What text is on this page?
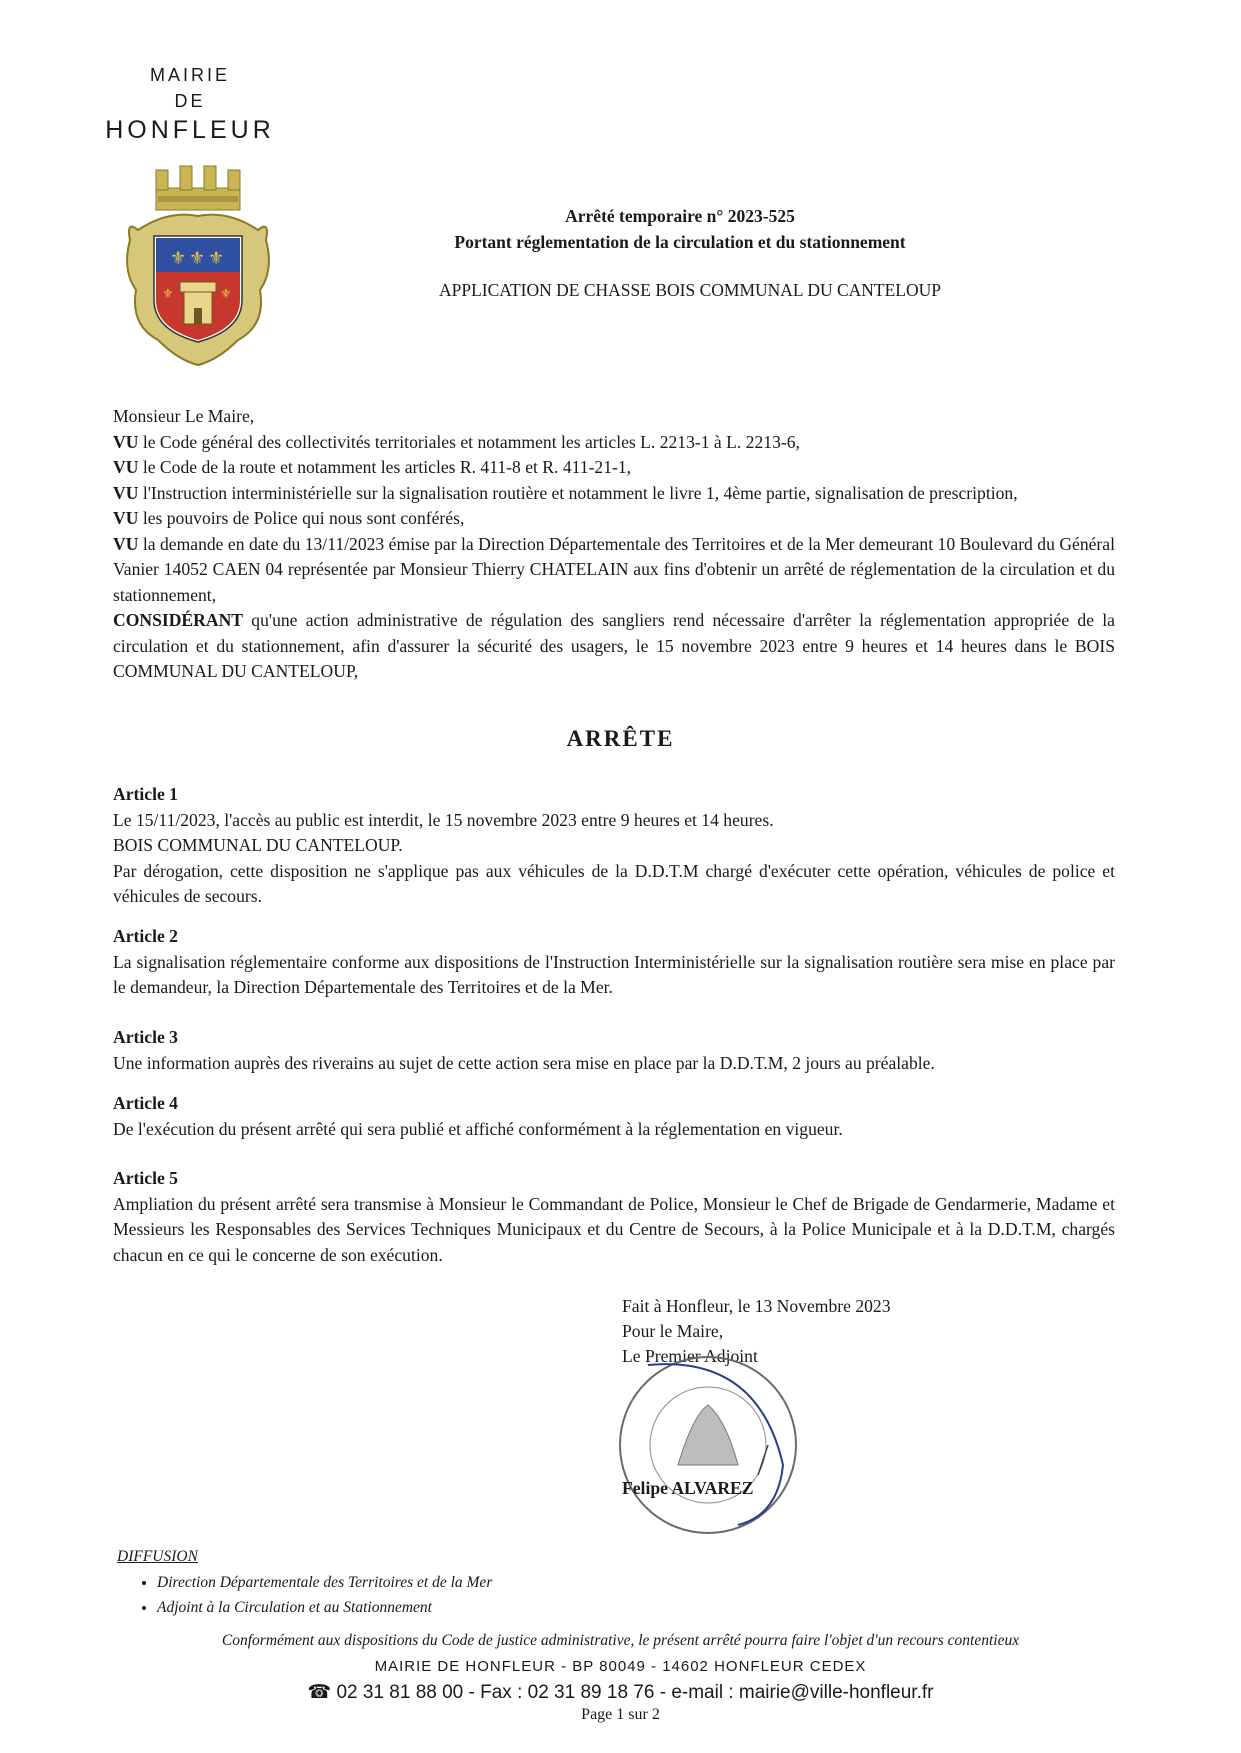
MAIRIE
DE
HONFLEUR
⚜ ⚜ ⚜
⚜	⚜
Arrêté temporaire n° 2023-525
Portant réglementation de la circulation et du stationnement
APPLICATION DE CHASSE BOIS COMMUNAL DU CANTELOUP

Monsieur Le Maire,

VU le Code général des collectivités territoriales et notamment les articles L. 2213-1 à L. 2213-6,

VU le Code de la route et notamment les articles R. 411-8 et R. 411-21-1,

VU l'Instruction interministérielle sur la signalisation routière et notamment le livre 1, 4ème partie, signalisation de prescription,

VU les pouvoirs de Police qui nous sont conférés,

VU la demande en date du 13/11/2023 émise par la Direction Départementale des Territoires et de la Mer demeurant 10 Boulevard du Général Vanier 14052 CAEN 04 représentée par Monsieur Thierry CHATELAIN aux fins d'obtenir un arrêté de réglementation de la circulation et du stationnement,

CONSIDÉRANT qu'une action administrative de régulation des sangliers rend nécessaire d'arrêter la réglementation appropriée de la circulation et du stationnement, afin d'assurer la sécurité des usagers, le 15 novembre 2023 entre 9 heures et 14 heures dans le BOIS COMMUNAL DU CANTELOUP,

ARRÊTE

Article 1

Le 15/11/2023, l'accès au public est interdit, le 15 novembre 2023 entre 9 heures et 14 heures.

BOIS COMMUNAL DU CANTELOUP.

Par dérogation, cette disposition ne s'applique pas aux véhicules de la D.D.T.M chargé d'exécuter cette opération, véhicules de police et véhicules de secours.

Article 2

La signalisation réglementaire conforme aux dispositions de l'Instruction Interministérielle sur la signalisation routière sera mise en place par le demandeur, la Direction Départementale des Territoires et de la Mer.

Article 3

Une information auprès des riverains au sujet de cette action sera mise en place par la D.D.T.M, 2 jours au préalable.

Article 4

De l'exécution du présent arrêté qui sera publié et affiché conformément à la réglementation en vigueur.

Article 5

Ampliation du présent arrêté sera transmise à Monsieur le Commandant de Police, Monsieur le Chef de Brigade de Gendarmerie, Madame et Messieurs les Responsables des Services Techniques Municipaux et du Centre de Secours, à la Police Municipale et à la D.D.T.M, chargés chacun en ce qui le concerne de son exécution.

Fait à Honfleur, le 13 Novembre 2023
Pour le Maire,
Le Premier Adjoint
Felipe ALVAREZ
DIFFUSION
• Direction Départementale des Territoires et de la Mer
• Adjoint à la Circulation et au Stationnement
Conformément aux dispositions du Code de justice administrative, le présent arrêté pourra faire l'objet d'un recours contentieux
MAIRIE DE HONFLEUR - BP 80049 - 14602 HONFLEUR CEDEX
☎ 02 31 81 88 00 - Fax : 02 31 89 18 76 - e-mail : mairie@ville-honfleur.fr
Page 1 sur 2
